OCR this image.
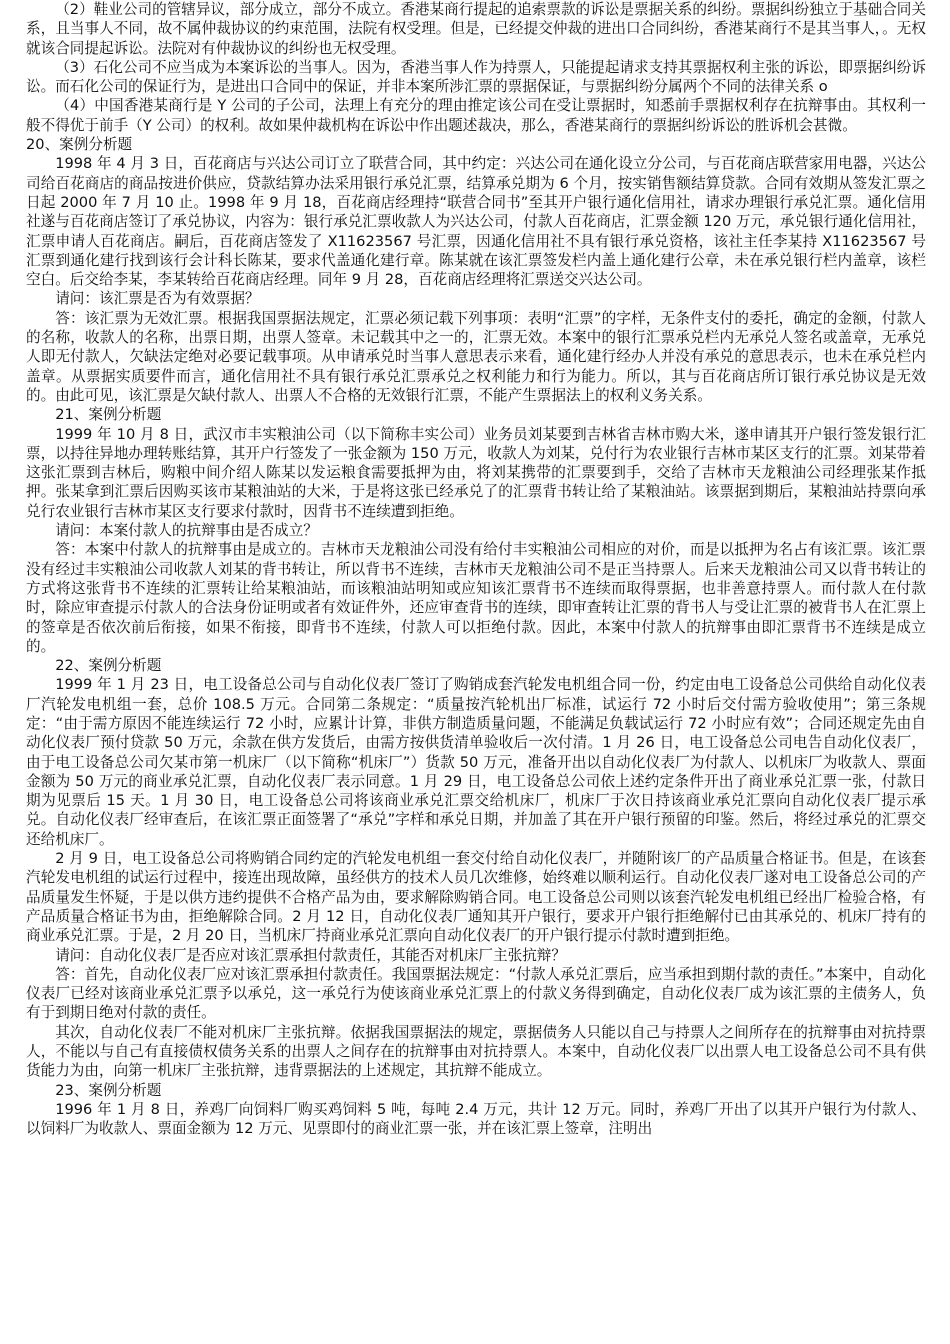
（2）鞋业公司的管辖异议，部分成立，部分不成立。香港某商行提起的追索票款的诉讼是票据关系的纠纷。票据纠纷独立于基础合同关系，且当事人不同，故不属仲裁协议的约束范围，法院有权受理。但是，已经提交仲裁的进出口合同纠纷，香港某商行不是其当事人，。无权就该合同提起诉讼。法院对有仲裁协议的纠纷也无权受理。

（3）石化公司不应当成为本案诉讼的当事人。因为，香港当事人作为持票人，只能提起请求支持其票据权利主张的诉讼，即票据纠纷诉讼。而石化公司的保证行为，是进出口合同中的保证，并非本案所涉汇票的票据保证，与票据纠纷分属两个不同的法律关系 o

（4）中国香港某商行是 Y 公司的子公司，法理上有充分的理由推定该公司在受让票据时，知悉前手票据权利存在抗辩事由。其权利一般不得优于前手（Y 公司）的权利。故如果仲裁机构在诉讼中作出题述裁决，那么，香港某商行的票据纠纷诉讼的胜诉机会甚微。

20、案例分析题

1998 年 4 月 3 日，百花商店与兴达公司订立了联营合同，其中约定：兴达公司在通化设立分公司，与百花商店联营家用电器，兴达公司给百花商店的商品按进价供应，贷款结算办法采用银行承兑汇票，结算承兑期为 6 个月，按实销售额结算贷款。合同有效期从签发汇票之日起 2000 年 7 月 10 止。1998 年 9 月 18，百花商店经理持“联营合同书”至其开户银行通化信用社，请求办理银行承兑汇票。通化信用社遂与百花商店签订了承兑协议，内容为：银行承兑汇票收款人为兴达公司，付款人百花商店，汇票金额 120 万元，承兑银行通化信用社，汇票申请人百花商店。嗣后，百花商店签发了 X11623567 号汇票，因通化信用社不具有银行承兑资格，该社主任李某持 X11623567 号汇票到通化建行找到该行会计科长陈某，要求代盖通化建行章。陈某就在该汇票签发栏内盖上通化建行公章，未在承兑银行栏内盖章，该栏空白。后交给李某，李某转给百花商店经理。同年 9 月 28，百花商店经理将汇票送交兴达公司。

请问：该汇票是否为有效票据？

答：该汇票为无效汇票。根据我国票据法规定，汇票必须记载下列事项：表明“汇票”的字样，无条件支付的委托，确定的金额，付款人的名称，收款人的名称，出票日期，出票人签章。未记载其中之一的，汇票无效。本案中的银行汇票承兑栏内无承兑人签名或盖章，无承兑人即无付款人，欠缺法定绝对必要记载事项。从申请承兑时当事人意思表示来看，通化建行经办人并没有承兑的意思表示，也未在承兑栏内盖章。从票据实质要件而言，通化信用社不具有银行承兑汇票承兑之权利能力和行为能力。所以，其与百花商店所订银行承兑协议是无效的。由此可见，该汇票是欠缺付款人、出票人不合格的无效银行汇票，不能产生票据法上的权利义务关系。

21、案例分析题

1999 年 10 月 8 日，武汉市丰实粮油公司（以下简称丰实公司）业务员刘某要到吉林省吉林市购大米，遂申请其开户银行签发银行汇票，以持往异地办理转账结算，其开户行签发了一张金额为 150 万元，收款人为刘某，兑付行为农业银行吉林市某区支行的汇票。刘某带着这张汇票到吉林后，购粮中间介绍人陈某以发运粮食需要抵押为由，将刘某携带的汇票要到手，交给了吉林市天龙粮油公司经理张某作抵押。张某拿到汇票后因购买该市某粮油站的大米，于是将这张已经承兑了的汇票背书转让给了某粮油站。该票据到期后，某粮油站持票向承兑行农业银行吉林市某区支行要求付款时，因背书不连续遭到拒绝。

请问：本案付款人的抗辩事由是否成立？

答：本案中付款人的抗辩事由是成立的。吉林市天龙粮油公司没有给付丰实粮油公司相应的对价，而是以抵押为名占有该汇票。该汇票没有经过丰实粮油公司收款人刘某的背书转让，所以背书不连续，吉林市天龙粮油公司不是正当持票人。后来天龙粮油公司又以背书转让的方式将这张背书不连续的汇票转让给某粮油站，而该粮油站明知或应知该汇票背书不连续而取得票据，也非善意持票人。而付款人在付款时，除应审查提示付款人的合法身份证明或者有效证件外，还应审查背书的连续，即审查转让汇票的背书人与受让汇票的被背书人在汇票上的签章是否依次前后衔接，如果不衔接，即背书不连续，付款人可以拒绝付款。因此，本案中付款人的抗辩事由即汇票背书不连续是成立的。

22、案例分析题

1999 年 1 月 23 日，电工设备总公司与自动化仪表厂签订了购销成套汽轮发电机组合同一份，约定由电工设备总公司供给自动化仪表厂汽轮发电机组一套，总价 108.5 万元。合同第二条规定：“质量按汽轮机出厂标准，试运行 72 小时后交付需方验收使用”；第三条规定：“由于需方原因不能连续运行 72 小时，应累计计算，非供方制造质量问题，不能满足负载试运行 72 小时应有效”；合同还规定先由自动化仪表厂预付贷款 50 万元，余款在供方发货后，由需方按供货清单验收后一次付清。1 月 26 日，电工设备总公司电告自动化仪表厂，由于电工设备总公司欠某市第一机床厂（以下简称“机床厂”）货款 50 万元，准备开出以自动化仪表厂为付款人、以机床厂为收款人、票面金额为 50 万元的商业承兑汇票，自动化仪表厂表示同意。1 月 29 日，电工设备总公司依上述约定条件开出了商业承兑汇票一张，付款日期为见票后 15 天。1 月 30 日，电工设备总公司将该商业承兑汇票交给机床厂，机床厂于次日持该商业承兑汇票向自动化仪表厂提示承兑。自动化仪表厂经审查后，在该汇票正面签署了“承兑”字样和承兑日期，并加盖了其在开户银行预留的印鉴。然后，将经过承兑的汇票交还给机床厂。

2 月 9 日，电工设备总公司将购销合同约定的汽轮发电机组一套交付给自动化仪表厂，并随附该厂的产品质量合格证书。但是，在该套汽轮发电机组的试运行过程中，接连出现故障，虽经供方的技术人员几次维修，始终难以顺利运行。自动化仪表厂遂对电工设备总公司的产品质量发生怀疑，于是以供方违约提供不合格产品为由，要求解除购销合同。电工设备总公司则以该套汽轮发电机组已经出厂检验合格，有产品质量合格证书为由，拒绝解除合同。2 月 12 日，自动化仪表厂通知其开户银行，要求开户银行拒绝解付已由其承兑的、机床厂持有的商业承兑汇票。于是，2 月 20 日，当机床厂持商业承兑汇票向自动化仪表厂的开户银行提示付款时遭到拒绝。

请问：自动化仪表厂是否应对该汇票承担付款责任，其能否对机床厂主张抗辩？

答：首先，自动化仪表厂应对该汇票承担付款责任。我国票据法规定：“付款人承兑汇票后，应当承担到期付款的责任。”本案中，自动化仪表厂已经对该商业承兑汇票予以承兑，这一承兑行为使该商业承兑汇票上的付款义务得到确定，自动化仪表厂成为该汇票的主债务人，负有于到期日绝对付款的责任。

其次，自动化仪表厂不能对机床厂主张抗辩。依据我国票据法的规定，票据债务人只能以自己与持票人之间所存在的抗辩事由对抗持票人，不能以与自己有直接债权债务关系的出票人之间存在的抗辩事由对抗持票人。本案中，自动化仪表厂以出票人电工设备总公司不具有供货能力为由，向第一机床厂主张抗辩，违背票据法的上述规定，其抗辩不能成立。

23、案例分析题

1996 年 1 月 8 日，养鸡厂向饲料厂购买鸡饲料 5 吨，每吨 2.4 万元，共计 12 万元。同时，养鸡厂开出了以其开户银行为付款人、以饲料厂为收款人、票面金额为 12 万元、见票即付的商业汇票一张，并在该汇票上签章，注明出
